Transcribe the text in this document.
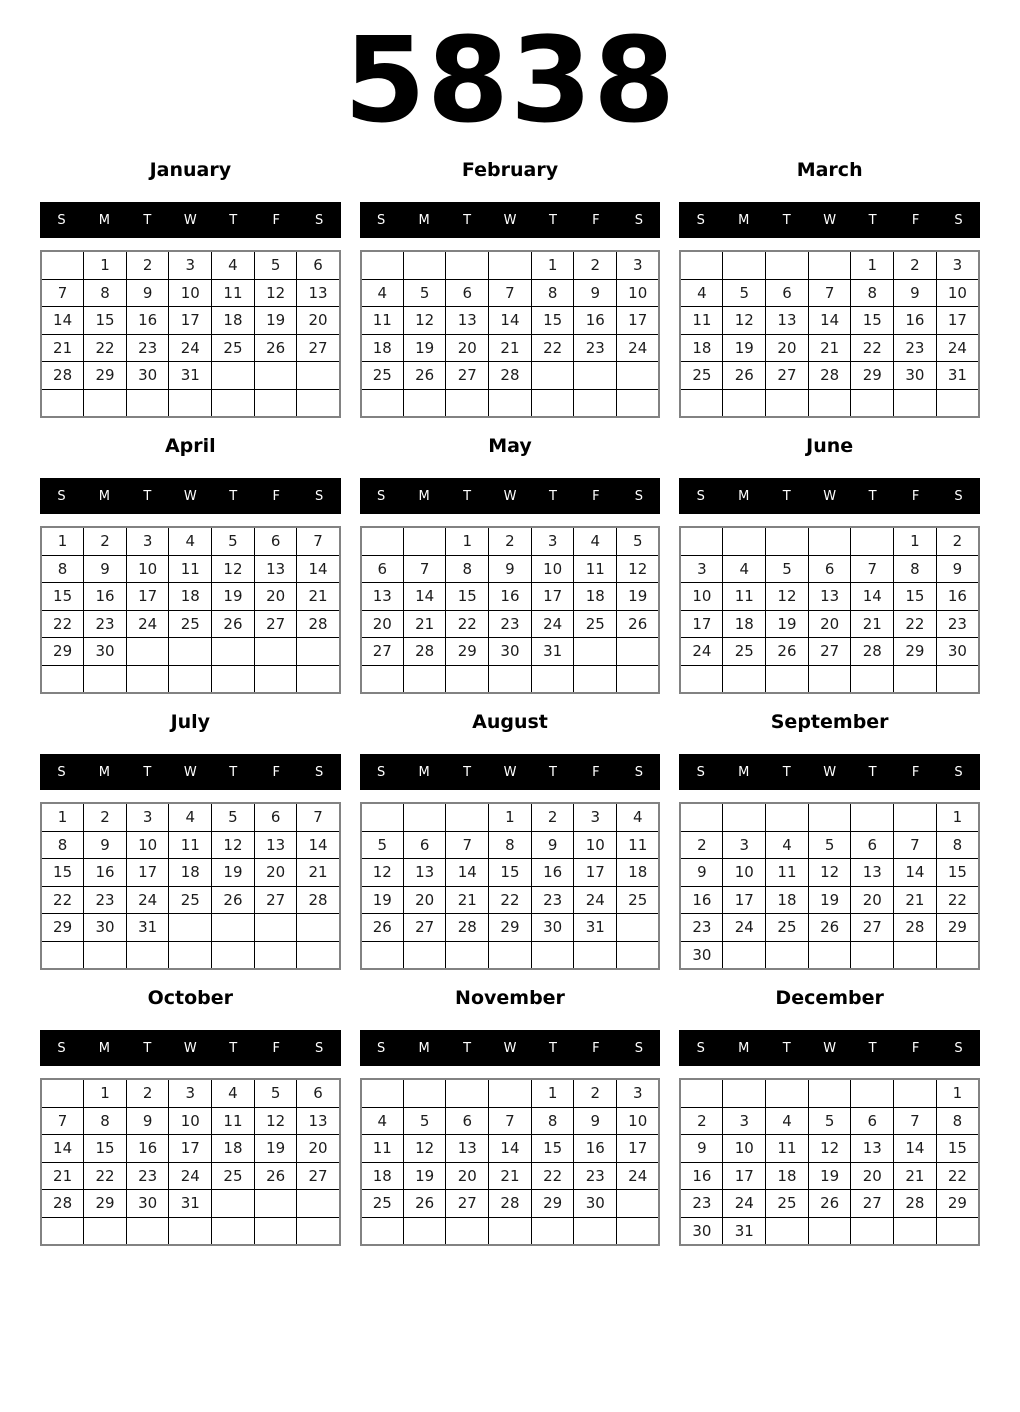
5838
January
S	M	T	W	T	F	S
	1	2	3	4	5	6
7	8	9	10	11	12	13
14	15	16	17	18	19	20
21	22	23	24	25	26	27
28	29	30	31			

February
S	M	T	W	T	F	S
				1	2	3
4	5	6	7	8	9	10
11	12	13	14	15	16	17
18	19	20	21	22	23	24
25	26	27	28			

March
S	M	T	W	T	F	S
				1	2	3
4	5	6	7	8	9	10
11	12	13	14	15	16	17
18	19	20	21	22	23	24
25	26	27	28	29	30	31

April
S	M	T	W	T	F	S
1	2	3	4	5	6	7
8	9	10	11	12	13	14
15	16	17	18	19	20	21
22	23	24	25	26	27	28
29	30					

May
S	M	T	W	T	F	S
		1	2	3	4	5
6	7	8	9	10	11	12
13	14	15	16	17	18	19
20	21	22	23	24	25	26
27	28	29	30	31		

June
S	M	T	W	T	F	S
					1	2
3	4	5	6	7	8	9
10	11	12	13	14	15	16
17	18	19	20	21	22	23
24	25	26	27	28	29	30

July
S	M	T	W	T	F	S
1	2	3	4	5	6	7
8	9	10	11	12	13	14
15	16	17	18	19	20	21
22	23	24	25	26	27	28
29	30	31				

August
S	M	T	W	T	F	S
			1	2	3	4
5	6	7	8	9	10	11
12	13	14	15	16	17	18
19	20	21	22	23	24	25
26	27	28	29	30	31	

September
S	M	T	W	T	F	S
						1
2	3	4	5	6	7	8
9	10	11	12	13	14	15
16	17	18	19	20	21	22
23	24	25	26	27	28	29
30						
October
S	M	T	W	T	F	S
	1	2	3	4	5	6
7	8	9	10	11	12	13
14	15	16	17	18	19	20
21	22	23	24	25	26	27
28	29	30	31			

November
S	M	T	W	T	F	S
				1	2	3
4	5	6	7	8	9	10
11	12	13	14	15	16	17
18	19	20	21	22	23	24
25	26	27	28	29	30	

December
S	M	T	W	T	F	S
						1
2	3	4	5	6	7	8
9	10	11	12	13	14	15
16	17	18	19	20	21	22
23	24	25	26	27	28	29
30	31					
